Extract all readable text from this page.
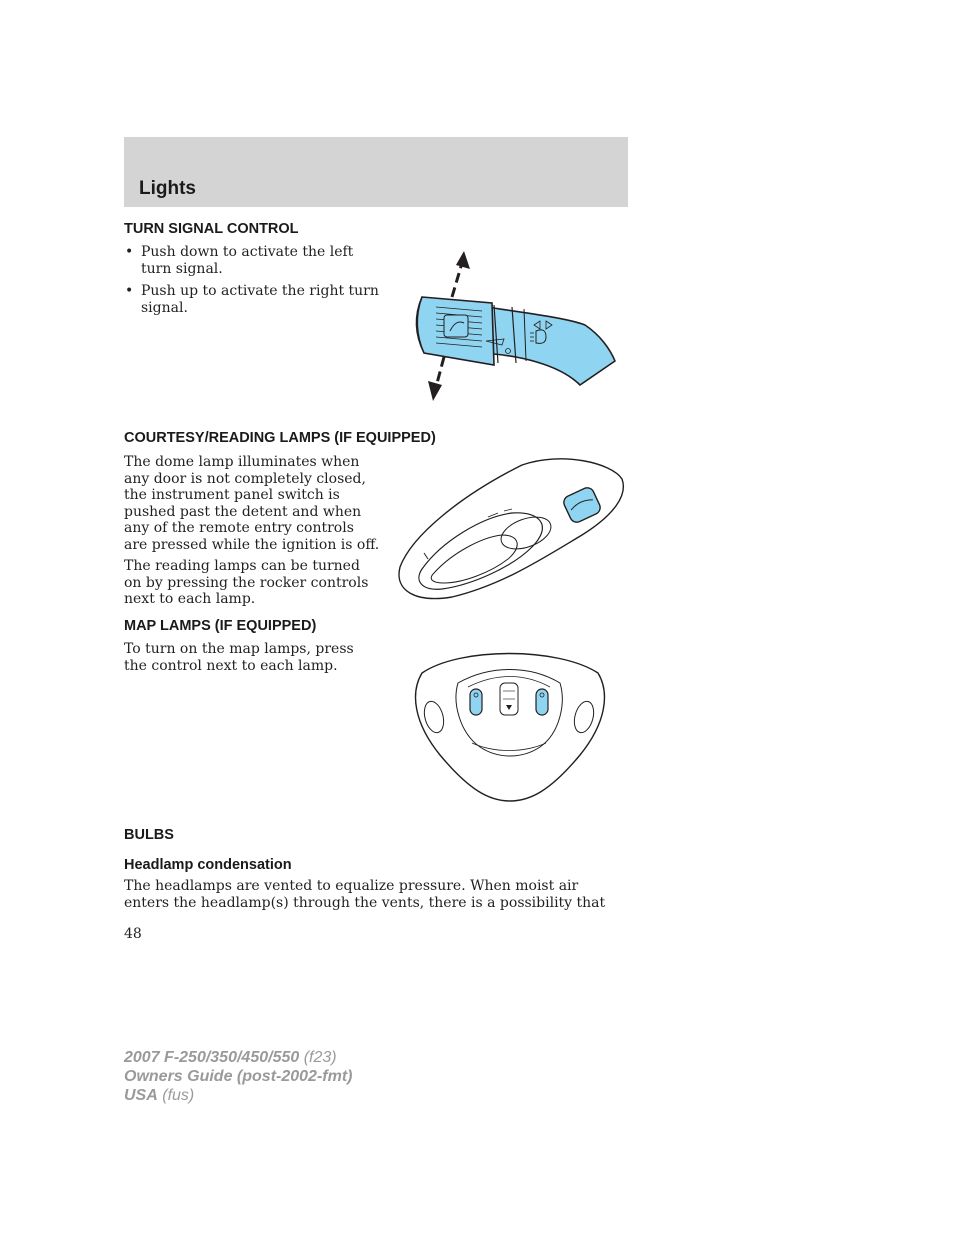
Lights
TURN SIGNAL CONTROL
• Push down to activate the left turn signal.
• Push up to activate the right turn signal.
COURTESY/READING LAMPS (IF EQUIPPED)

The dome lamp illuminates when any door is not completely closed, the instrument panel switch is pushed past the detent and when any of the remote entry controls are pressed while the ignition is off.

The reading lamps can be turned on by pressing the rocker controls next to each lamp.

MAP LAMPS (IF EQUIPPED)

To turn on the map lamps, press the control next to each lamp.

BULBS
Headlamp condensation

The headlamps are vented to equalize pressure. When moist air enters the headlamp(s) through the vents, there is a possibility that

48
2007 F-250/350/450/550 (f23)
Owners Guide (post-2002-fmt)
USA (fus)
